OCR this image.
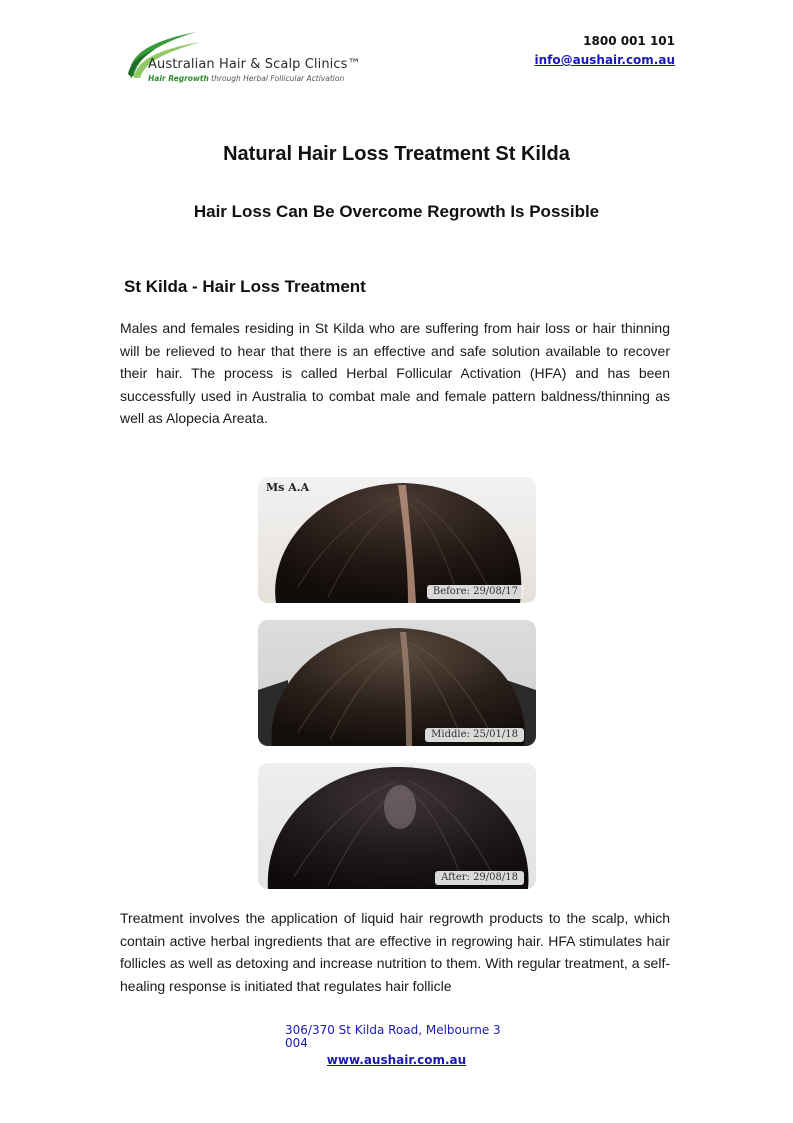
Australian Hair & Scalp Clinics™
Hair Regrowth through Herbal Follicular Activation
1800 001 101
info@aushair.com.au
Natural Hair Loss Treatment St Kilda
Hair Loss Can Be Overcome Regrowth Is Possible
St Kilda - Hair Loss Treatment

Males and females residing in St Kilda who are suffering from hair loss or hair thinning will be relieved to hear that there is an effective and safe solution available to recover their hair. The process is called Herbal Follicular Activation (HFA) and has been successfully used in Australia to combat male and female pattern baldness/thinning as well as Alopecia Areata.

Ms A.A
Before: 29/08/17
Middle: 25/01/18
After: 29/08/18

Treatment involves the application of liquid hair regrowth products to the scalp, which contain active herbal ingredients that are effective in regrowing hair. HFA stimulates hair follicles as well as detoxing and increase nutrition to them. With regular treatment, a self-healing response is initiated that regulates hair follicle

306/370 St Kilda Road, Melbourne 3 004
www.aushair.com.au
